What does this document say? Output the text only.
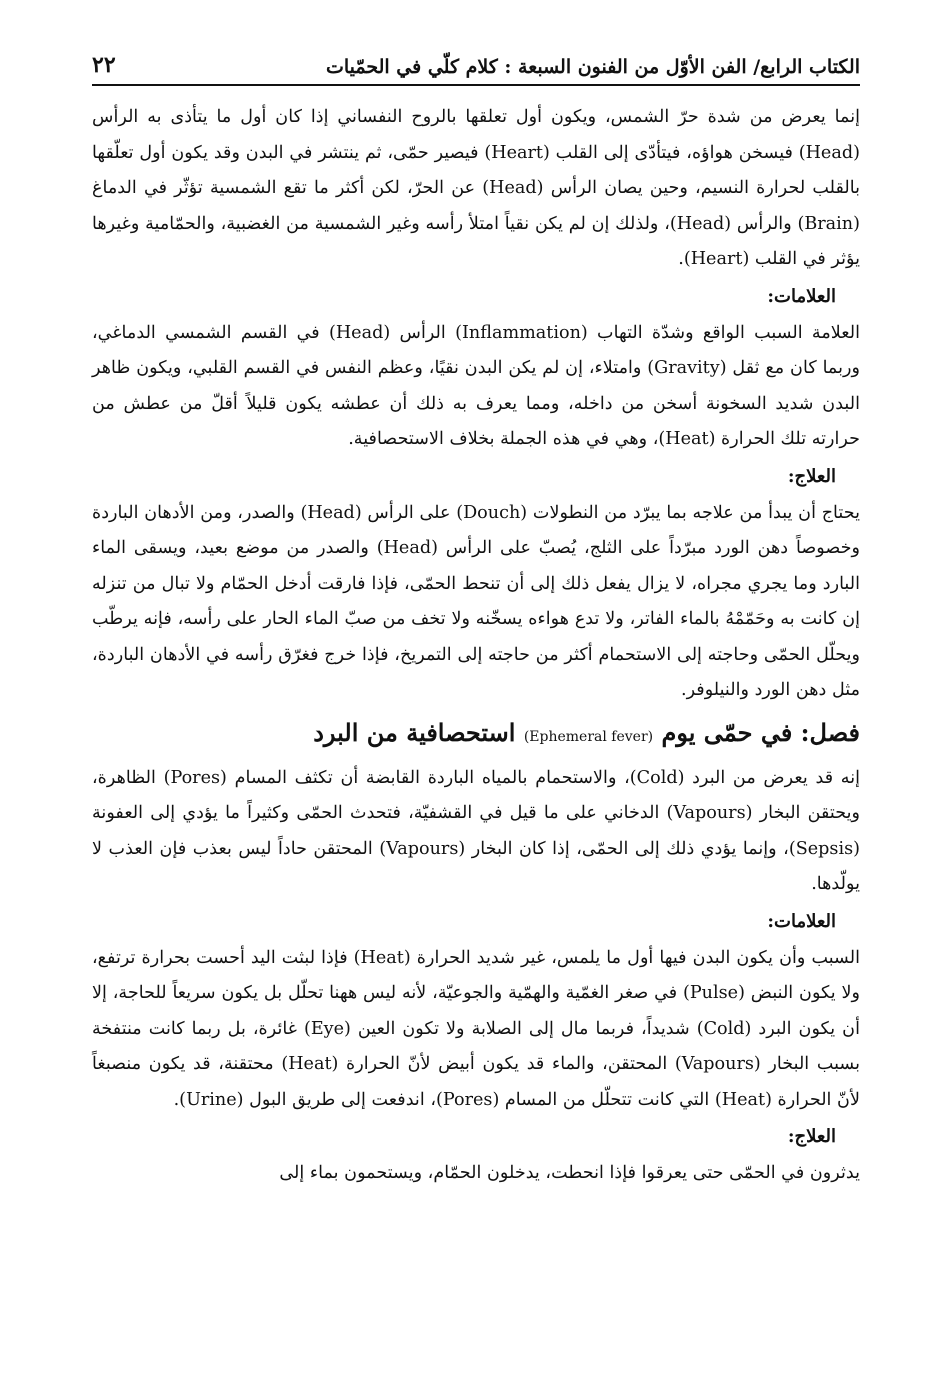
الكتاب الرابع/ الفن الأوّل من الفنون السبعة : كلام كلّي في الحمّيات
٢٢

إنما يعرض من شدة حرّ الشمس، ويكون أول تعلقها بالروح النفساني إذا كان أول ما يتأذى به الرأس (Head) فيسخن هواؤه، فيتأدّى إلى القلب (Heart) فيصير حمّى، ثم ينتشر في البدن وقد يكون أول تعلّقها بالقلب لحرارة النسيم، وحين يصان الرأس (Head) عن الحرّ، لكن أكثر ما تقع الشمسية تؤثّر في الدماغ (Brain) والرأس (Head)، ولذلك إن لم يكن نقياً امتلأ رأسه وغير الشمسية من الغضبية، والحمّامية وغيرها يؤثر في القلب (Heart).

العلامات:

العلامة السبب الواقع وشدّة التهاب (Inflammation) الرأس (Head) في القسم الشمسي الدماغي، وربما كان مع ثقل (Gravity) وامتلاء، إن لم يكن البدن نقيًا، وعظم النفس في القسم القلبي، ويكون ظاهر البدن شديد السخونة أسخن من داخله، ومما يعرف به ذلك أن عطشه يكون قليلاً أقلّ من عطش من حرارته تلك الحرارة (Heat)، وهي في هذه الجملة بخلاف الاستحصافية.

العلاج:

يحتاج أن يبدأ من علاجه بما يبرّد من النطولات (Douch) على الرأس (Head) والصدر، ومن الأدهان الباردة وخصوصاً دهن الورد مبرّداً على الثلج، يُصبّ على الرأس (Head) والصدر من موضع بعيد، ويسقى الماء البارد وما يجري مجراه، لا يزال يفعل ذلك إلى أن تنحط الحمّى، فإذا فارقت أدخل الحمّام ولا تبال من تنزله إن كانت به وحَمّمْهُ بالماء الفاتر، ولا تدع هواءه يسخّنه ولا تخف من صبّ الماء الحار على رأسه، فإنه يرطّب ويحلّل الحمّى وحاجته إلى الاستحمام أكثر من حاجته إلى التمريخ، فإذا خرج فغرّق رأسه في الأدهان الباردة، مثل دهن الورد والنيلوفر.

فصل: في حمّى يوم (Ephemeral fever) استحصافية من البرد

إنه قد يعرض من البرد (Cold)، والاستحمام بالمياه الباردة القابضة أن تكثف المسام (Pores) الظاهرة، ويحتقن البخار (Vapours) الدخاني على ما قيل في القشفيّة، فتحدث الحمّى وكثيراً ما يؤدي إلى العفونة (Sepsis)، وإنما يؤدي ذلك إلى الحمّى، إذا كان البخار (Vapours) المحتقن حاداً ليس بعذب فإن العذب لا يولّدها.

العلامات:

السبب وأن يكون البدن فيها أول ما يلمس، غير شديد الحرارة (Heat) فإذا لبثت اليد أحست بحرارة ترتفع، ولا يكون النبض (Pulse) في صغر الغمّية والهمّية والجوعيّة، لأنه ليس ههنا تحلّل بل يكون سريعاً للحاجة، إلا أن يكون البرد (Cold) شديداً، فربما مال إلى الصلابة ولا تكون العين (Eye) غائرة، بل ربما كانت منتفخة بسبب البخار (Vapours) المحتقن، والماء قد يكون أبيض لأنّ الحرارة (Heat) محتقنة، قد يكون منصبغاً لأنّ الحرارة (Heat) التي كانت تتحلّل من المسام (Pores)، اندفعت إلى طريق البول (Urine).

العلاج:

يدثرون في الحمّى حتى يعرقوا فإذا انحطت، يدخلون الحمّام، ويستحمون بماء إلى
